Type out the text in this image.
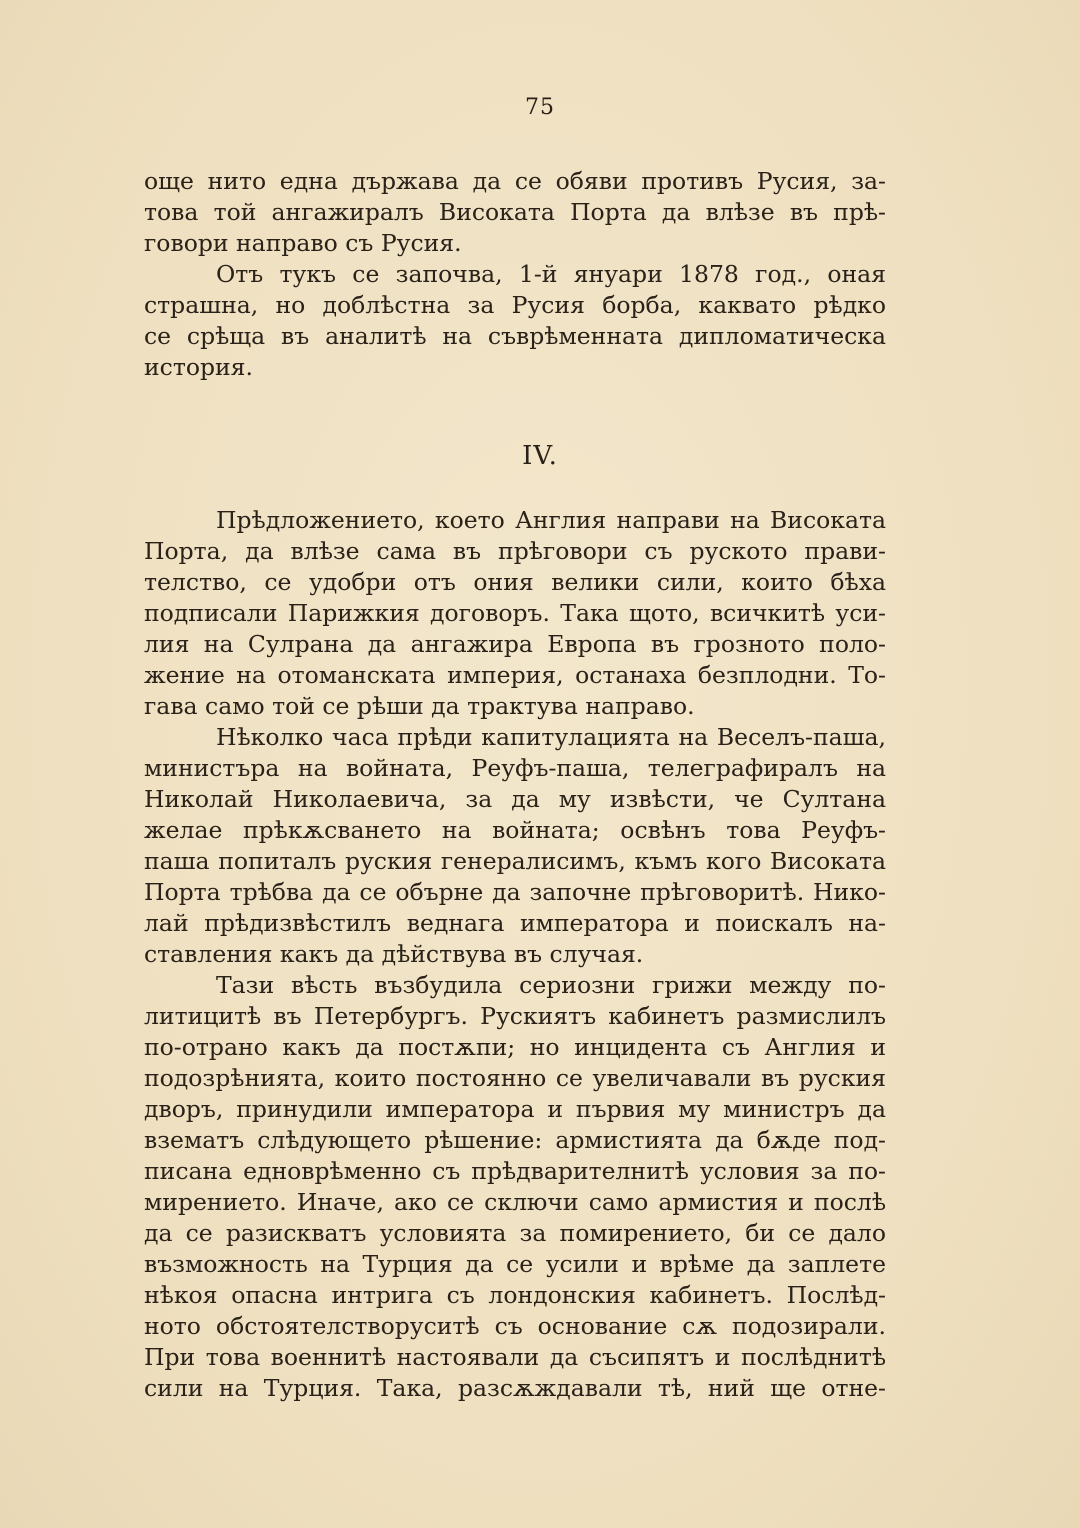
75
още нито една държава да се обяви противъ Русия, за-
това той ангажиралъ Високата Порта да влѣзе въ прѣ-
говори направо съ Русия.
Отъ тукъ се започва, 1-й януари 1878 год., оная
страшна, но доблѣстна за Русия борба, каквато рѣдко
се срѣща въ аналитѣ на съврѣменната дипломатическа
история.
IV.
Прѣдложението, което Англия направи на Високата
Порта, да влѣзе сама въ прѣговори съ руското прави-
телство, се удобри отъ ония велики сили, които бѣха
подписали Парижкия договоръ. Така щото, всичкитѣ уси-
лия на Сулрана да ангажира Европа въ грозното поло-
жение на отоманската империя, останаха безплодни. То-
гава само той се рѣши да трактува направо.
Нѣколко часа прѣди капитулацията на Веселъ-паша,
министъра на войната, Реуфъ-паша, телеграфиралъ на
Николай Николаевича, за да му извѣсти, че Султана
желае прѣкѫсването на войната; освѣнъ това Реуфъ-
паша попиталъ руския генералисимъ, къмъ кого Високата
Порта трѣбва да се обърне да започне прѣговоритѣ. Нико-
лай прѣдизвѣстилъ веднага императора и поискалъ на-
ставления какъ да дѣйствува въ случая.
Тази вѣсть възбудила сериозни грижи между по-
литицитѣ въ Петербургъ. Рускиятъ кабинетъ размислилъ
по-отрано какъ да постѫпи; но инцидента съ Англия и
подозрѣнията, които постоянно се увеличавали въ руския
дворъ, принудили императора и първия му министръ да
взематъ слѣдующето рѣшение: армистията да бѫде под-
писана едноврѣменно съ прѣдварителнитѣ условия за по-
мирението. Иначе, ако се сключи само армистия и послѣ
да се разискватъ условията за помирението, би се дало
възможность на Турция да се усили и врѣме да заплете
нѣкоя опасна интрига съ лондонския кабинетъ. Послѣд-
ното обстоятелстворуситѣ съ основание сѫ подозирали.
При това военнитѣ настоявали да съсипятъ и послѣднитѣ
сили на Турция. Така, разсѫждавали тѣ, ний ще отне-
